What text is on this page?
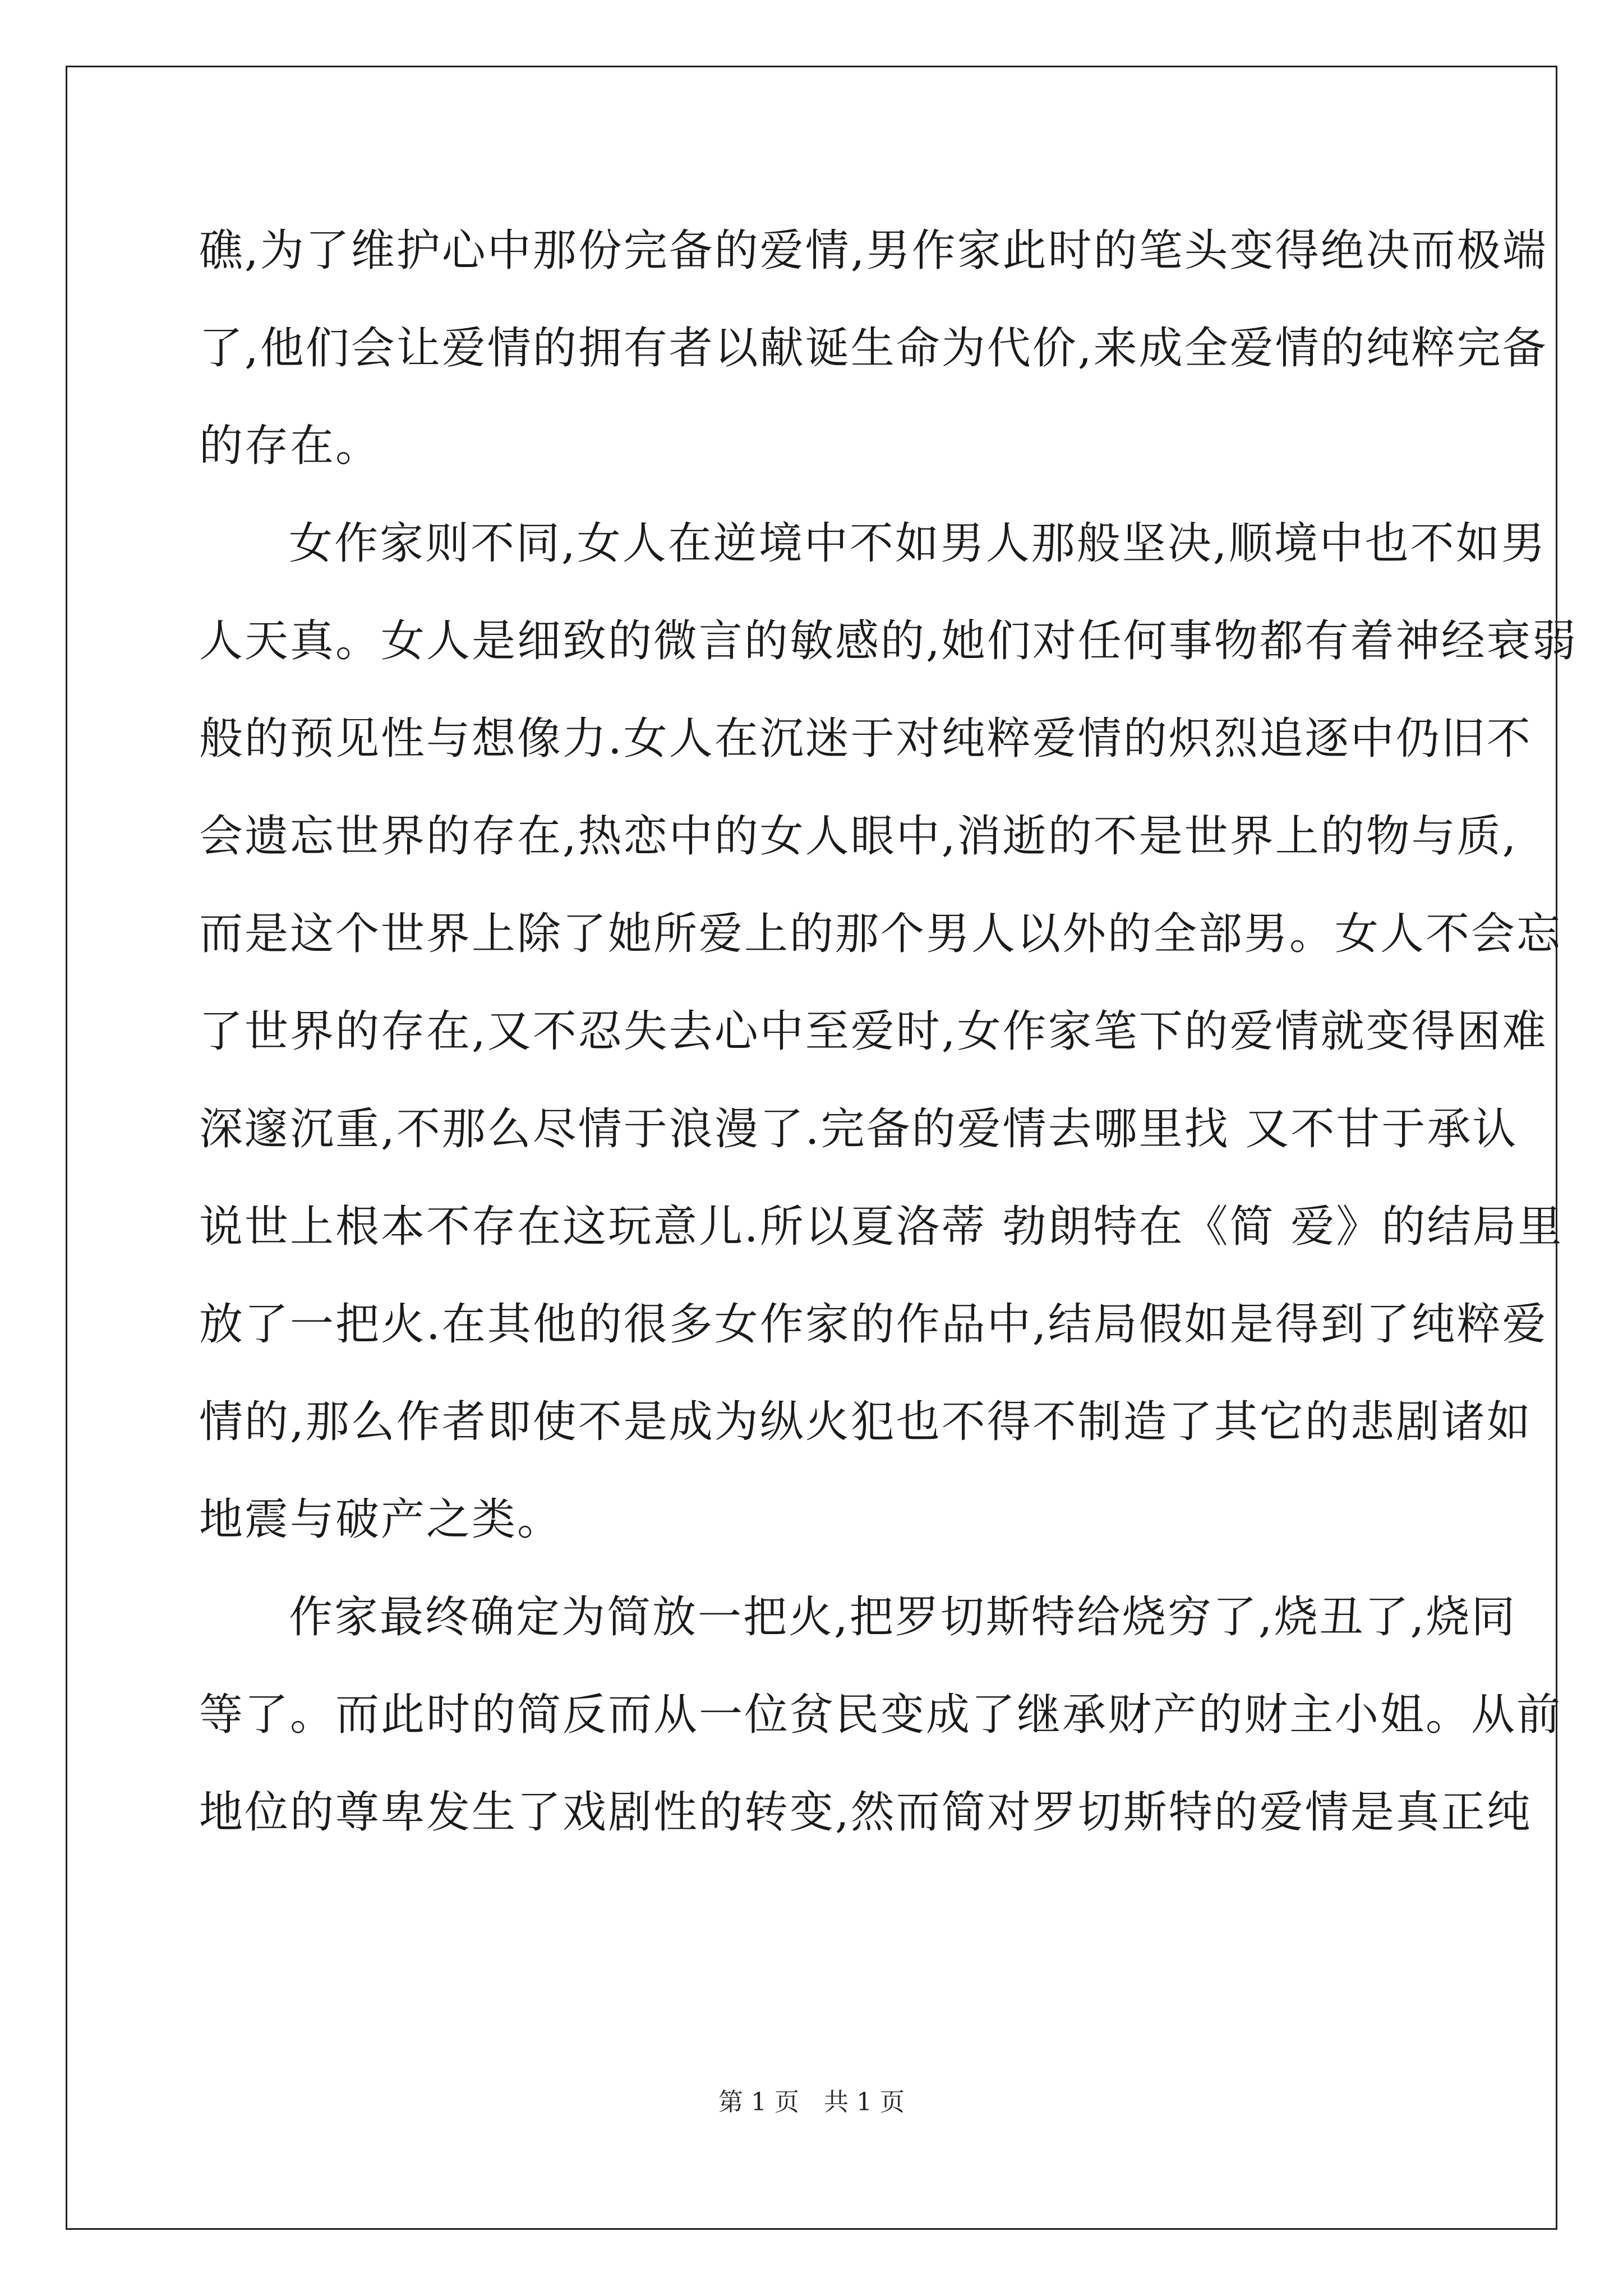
礁,为了维护心中那份完备的爱情,男作家此时的笔头变得绝决而极端
了,他们会让爱情的拥有者以献诞生命为代价,来成全爱情的纯粹完备
的存在。
女作家则不同,女人在逆境中不如男人那般坚决,顺境中也不如男
人天真。女人是细致的微言的敏感的,她们对任何事物都有着神经衰弱
般的预见性与想像力.女人在沉迷于对纯粹爱情的炽烈追逐中仍旧不
会遗忘世界的存在,热恋中的女人眼中,消逝的不是世界上的物与质,
而是这个世界上除了她所爱上的那个男人以外的全部男。女人不会忘
了世界的存在,又不忍失去心中至爱时,女作家笔下的爱情就变得困难
深邃沉重,不那么尽情于浪漫了.完备的爱情去哪里找 又不甘于承认
说世上根本不存在这玩意儿.所以夏洛蒂 勃朗特在《简 爱》的结局里
放了一把火.在其他的很多女作家的作品中,结局假如是得到了纯粹爱
情的,那么作者即使不是成为纵火犯也不得不制造了其它的悲剧诸如
地震与破产之类。
作家最终确定为简放一把火,把罗切斯特给烧穷了,烧丑了,烧同
等了。而此时的简反而从一位贫民变成了继承财产的财主小姐。从前
地位的尊卑发生了戏剧性的转变,然而简对罗切斯特的爱情是真正纯
第 1 页　共 1 页
